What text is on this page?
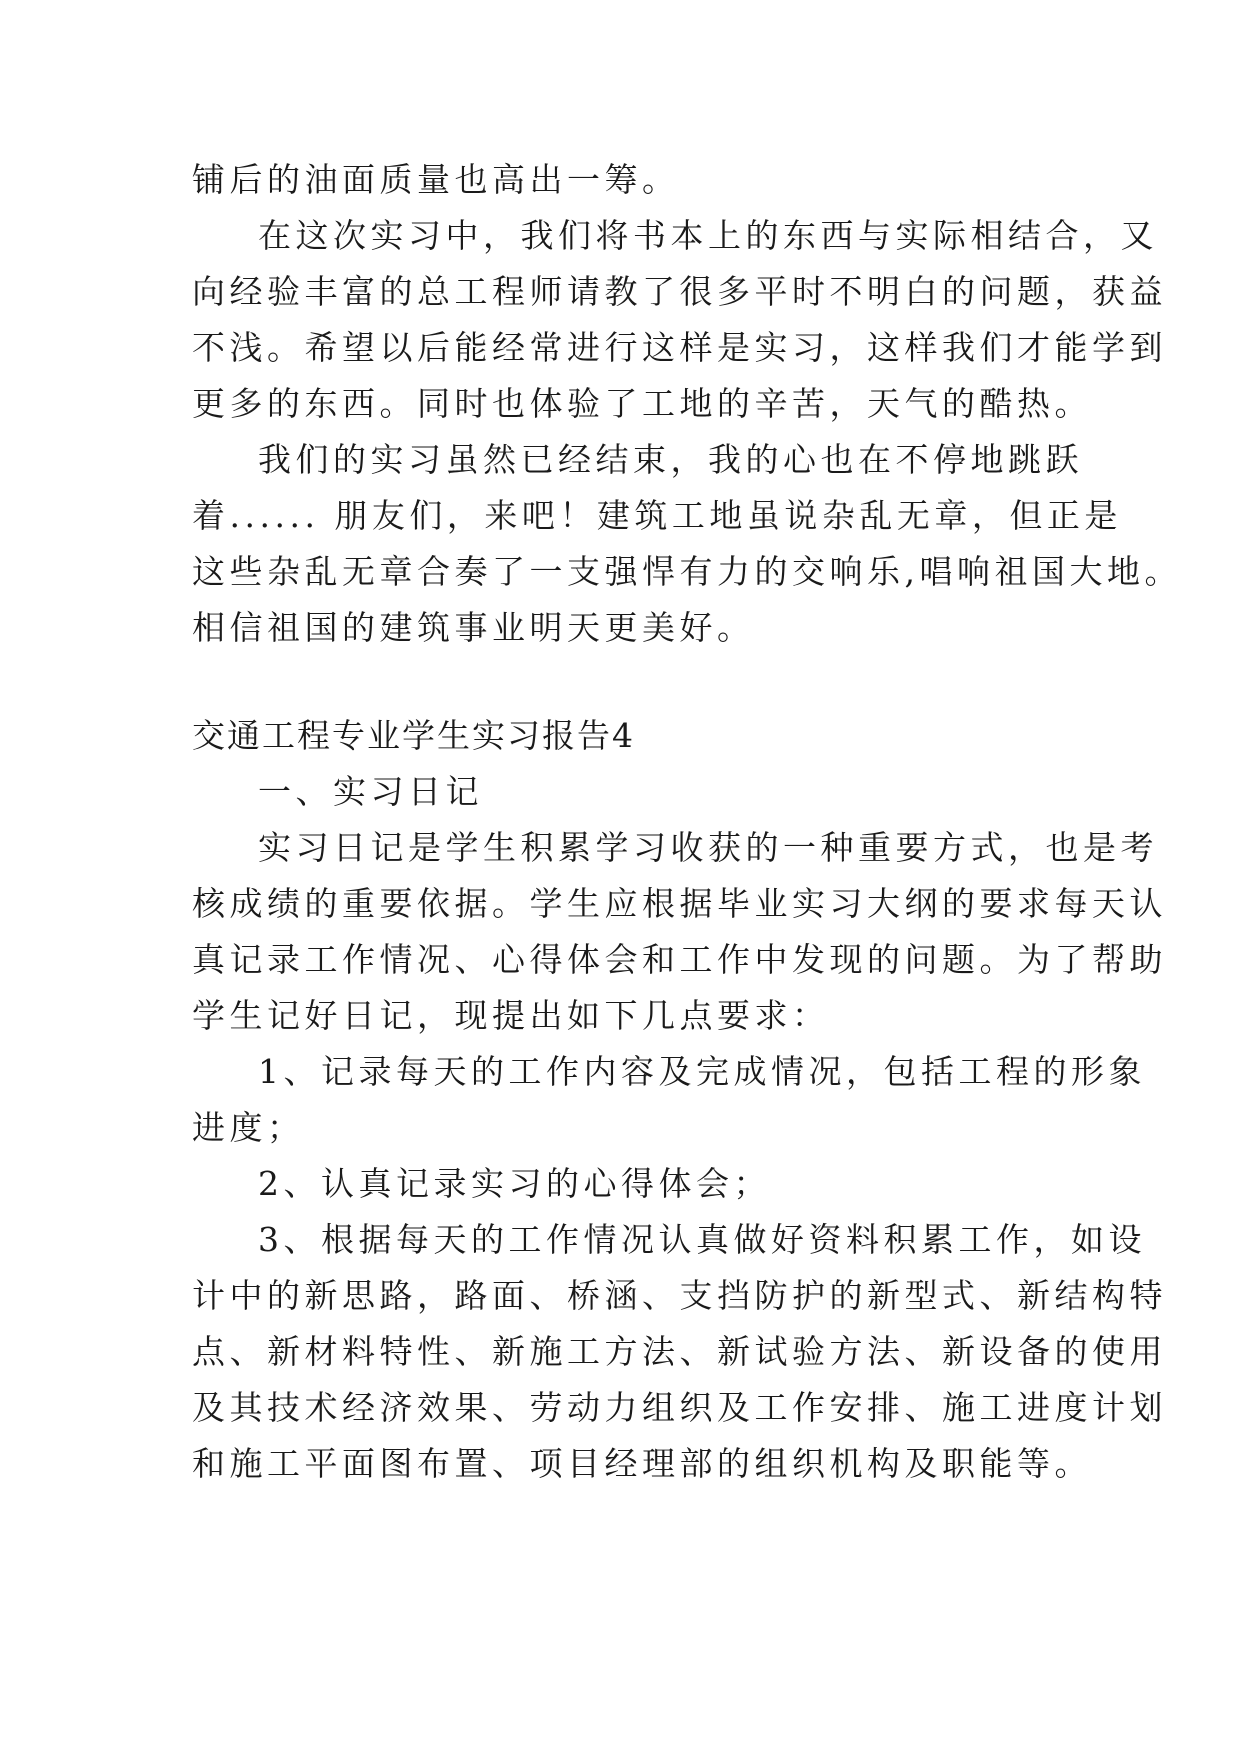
铺后的油面质量也高出一筹。
在这次实习中，我们将书本上的东西与实际相结合，又
向经验丰富的总工程师请教了很多平时不明白的问题，获益
不浅。希望以后能经常进行这样是实习，这样我们才能学到
更多的东西。同时也体验了工地的辛苦，天气的酷热。
我们的实习虽然已经结束，我的心也在不停地跳跃
着...... 朋友们，来吧！建筑工地虽说杂乱无章，但正是
这些杂乱无章合奏了一支强悍有力的交响乐,唱响祖国大地。
相信祖国的建筑事业明天更美好。
交通工程专业学生实习报告4
一、实习日记
实习日记是学生积累学习收获的一种重要方式，也是考
核成绩的重要依据。学生应根据毕业实习大纲的要求每天认
真记录工作情况、心得体会和工作中发现的问题。为了帮助
学生记好日记，现提出如下几点要求：
1、记录每天的工作内容及完成情况，包括工程的形象
进度；
2、认真记录实习的心得体会；
3、根据每天的工作情况认真做好资料积累工作，如设
计中的新思路，路面、桥涵、支挡防护的新型式、新结构特
点、新材料特性、新施工方法、新试验方法、新设备的使用
及其技术经济效果、劳动力组织及工作安排、施工进度计划
和施工平面图布置、项目经理部的组织机构及职能等。
